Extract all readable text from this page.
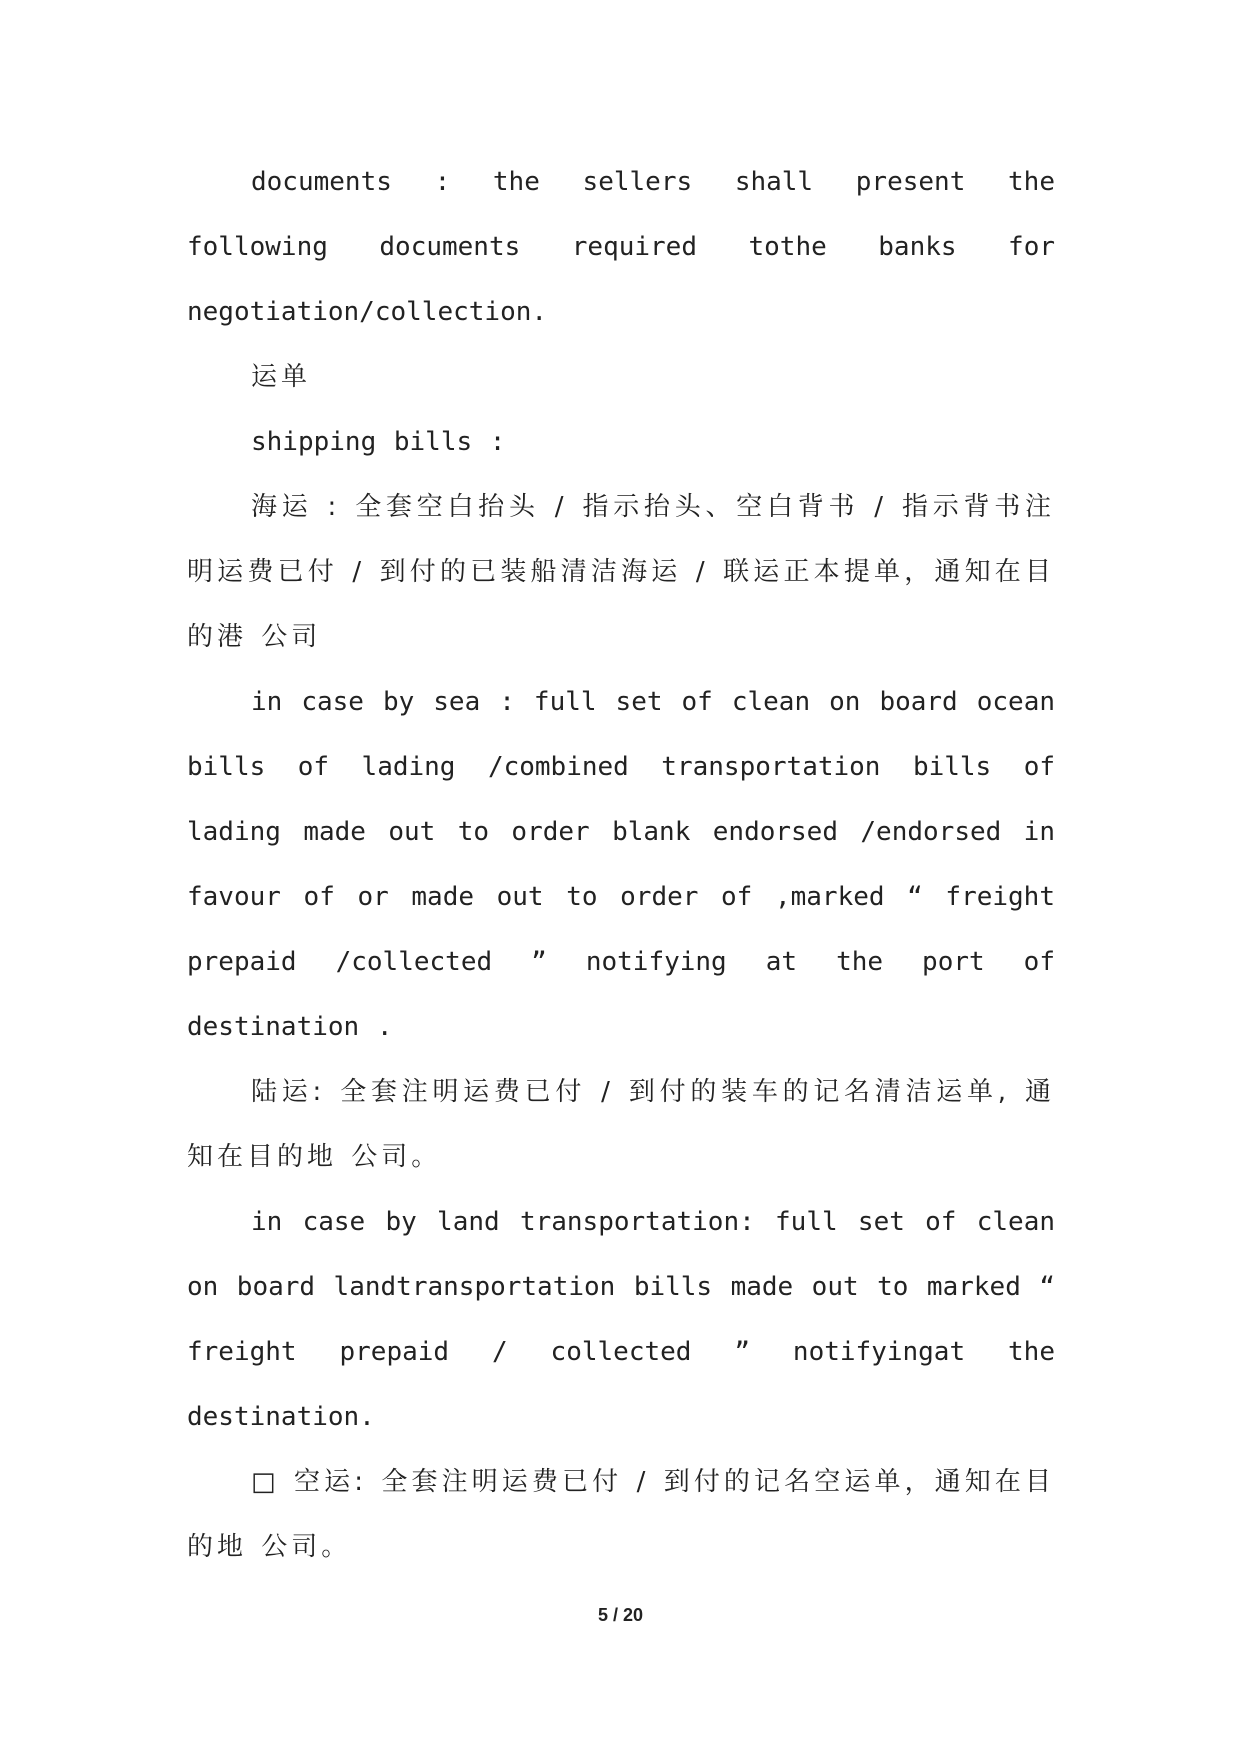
documents : the sellers shall present the following documents required tothe banks for negotiation/collection.

运单

shipping bills :

海运 : 全套空白抬头 / 指示抬头、空白背书 / 指示背书注明运费已付 / 到付的已装船清洁海运 / 联运正本提单，通知在目的港 公司

in case by sea : full set of clean on board ocean bills of lading /combined transportation bills of lading made out to order blank endorsed /endorsed in favour of or made out to order of ,marked “ freight prepaid /collected ” notifying at the port of destination .

陆运: 全套注明运费已付 / 到付的装车的记名清洁运单, 通知在目的地 公司。

in case by land transportation: full set of clean on board landtransportation bills made out to marked “ freight prepaid / collected ” notifyingat the destination.

□ 空运: 全套注明运费已付 / 到付的记名空运单，通知在目的地 公司。

5 / 20
